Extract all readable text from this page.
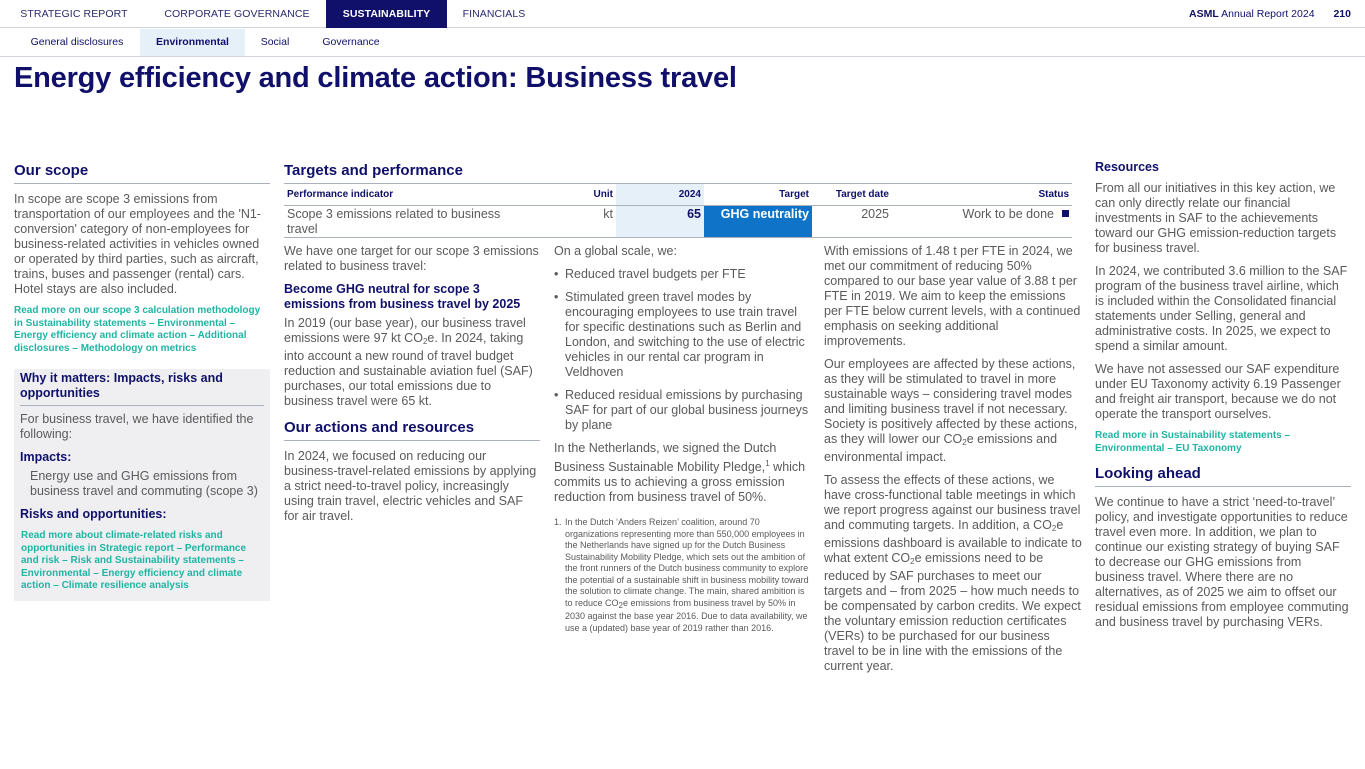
STRATEGIC REPORT	CORPORATE GOVERNANCE	SUSTAINABILITY	FINANCIALS	ASML Annual Report 2024 210
General disclosures	Environmental	Social	Governance
Energy efficiency and climate action: Business travel
Our scope
In scope are scope 3 emissions from transportation of our employees and the 'N1-conversion' category of non-employees for business-related activities in vehicles owned or operated by third parties, such as aircraft, trains, buses and passenger (rental) cars. Hotel stays are also included.
Read more on our scope 3 calculation methodology in Sustainability statements – Environmental – Energy efficiency and climate action – Additional disclosures – Methodology on metrics
Why it matters: Impacts, risks and opportunities
For business travel, we have identified the following:
Impacts:
Energy use and GHG emissions from business travel and commuting (scope 3)
Risks and opportunities:
Read more about climate-related risks and opportunities in Strategic report – Performance and risk – Risk and Sustainability statements – Environmental – Energy efficiency and climate action – Climate resilience analysis
Targets and performance
Performance indicator	Unit	2024	Target	Target date	Status
Scope 3 emissions related to business travel	kt	65	GHG neutrality	2025	Work to be done
We have one target for our scope 3 emissions related to business travel:
Become GHG neutral for scope 3 emissions from business travel by 2025
In 2019 (our base year), our business travel emissions were 97 kt $CO_2e$. In 2024, taking into account a new round of travel budget reduction and sustainable aviation fuel (SAF) purchases, our total emissions due to business travel were 65 kt.
Our actions and resources
In 2024, we focused on reducing our business-travel-related emissions by applying a strict need-to-travel policy, increasingly using train travel, electric vehicles and SAF for air travel.
On a global scale, we:
• Reduced travel budgets per FTE
• Stimulated green travel modes by encouraging employees to use train travel for specific destinations such as Berlin and London, and switching to the use of electric vehicles in our rental car program in Veldhoven
• Reduced residual emissions by purchasing SAF for part of our global business journeys by plane
In the Netherlands, we signed the Dutch Business Sustainable Mobility Pledge,$^1$ which commits us to achieving a gross emission reduction from business travel of 50%.
1. In the Dutch ‘Anders Reizen’ coalition, around 70 organizations representing more than 550,000 employees in the Netherlands have signed up for the Dutch Business Sustainability Mobility Pledge, which sets out the ambition of the front runners of the Dutch business community to explore the potential of a sustainable shift in business mobility toward the solution to climate change. The main, shared ambition is to reduce $CO_2e$ emissions from business travel by 50% in 2030 against the base year 2016. Due to data availability, we use a (updated) base year of 2019 rather than 2016.
With emissions of 1.48 t per FTE in 2024, we met our commitment of reducing 50% compared to our base year value of 3.88 t per FTE in 2019. We aim to keep the emissions per FTE below current levels, with a continued emphasis on seeking additional improvements.
Our employees are affected by these actions, as they will be stimulated to travel in more sustainable ways – considering travel modes and limiting business travel if not necessary. Society is positively affected by these actions, as they will lower our $CO_2e$ emissions and environmental impact.
To assess the effects of these actions, we have cross-functional table meetings in which we report progress against our business travel and commuting targets. In addition, a $CO_2e$ emissions dashboard is available to indicate to what extent $CO_2e$ emissions need to be reduced by SAF purchases to meet our targets and – from 2025 – how much needs to be compensated by carbon credits. We expect the voluntary emission reduction certificates (VERs) to be purchased for our business travel to be in line with the emissions of the current year.
Resources
From all our initiatives in this key action, we can only directly relate our financial investments in SAF to the achievements toward our GHG emission-reduction targets for business travel.
In 2024, we contributed 3.6 million to the SAF program of the business travel airline, which is included within the Consolidated financial statements under Selling, general and administrative costs. In 2025, we expect to spend a similar amount.
We have not assessed our SAF expenditure under EU Taxonomy activity 6.19 Passenger and freight air transport, because we do not operate the transport ourselves.
Read more in Sustainability statements – Environmental – EU Taxonomy
Looking ahead
We continue to have a strict ‘need-to-travel’ policy, and investigate opportunities to reduce travel even more. In addition, we plan to continue our existing strategy of buying SAF to decrease our GHG emissions from business travel. Where there are no alternatives, as of 2025 we aim to offset our residual emissions from employee commuting and business travel by purchasing VERs.
